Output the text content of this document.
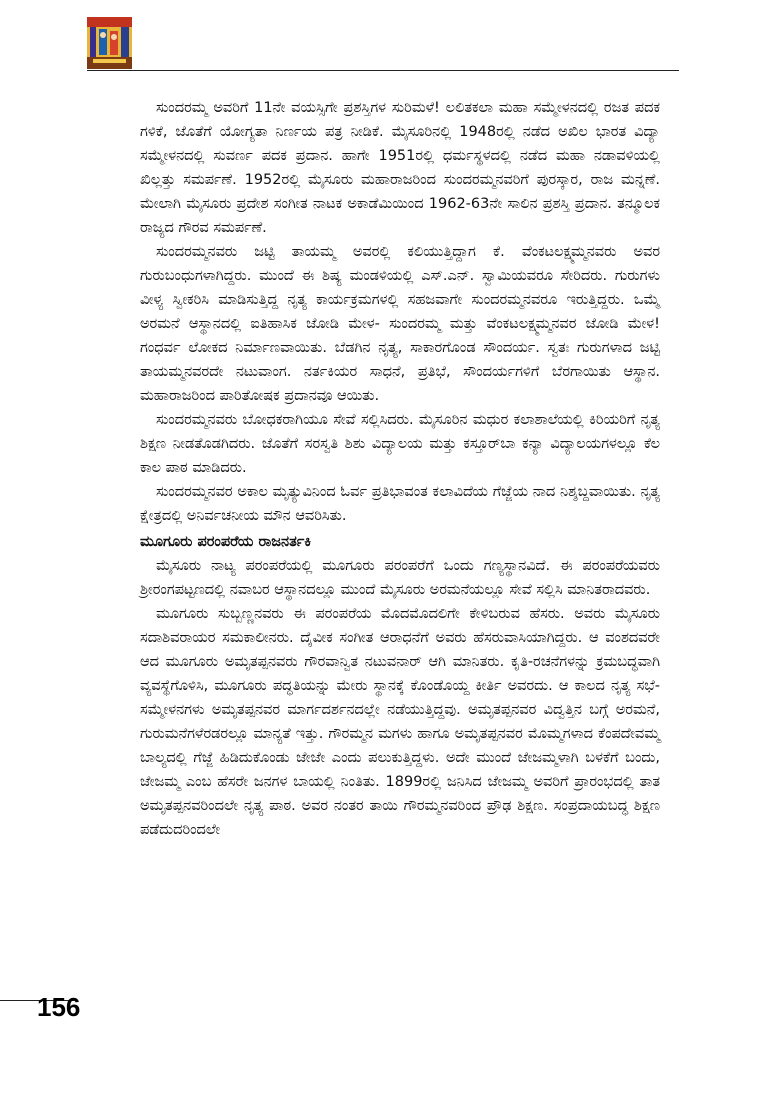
ಸುಂದರಮ್ಮ ಅವರಿಗೆ 11ನೇ ವಯಸ್ಸಿಗೇ ಪ್ರಶಸ್ತಿಗಳ ಸುರಿಮಳೆ! ಲಲಿತಕಲಾ ಮಹಾ ಸಮ್ಮೇಳನದಲ್ಲಿ ರಜತ ಪದಕ ಗಳಿಕೆ, ಜೊತೆಗೆ ಯೋಗ್ಯತಾ ನಿರ್ಣಯ ಪತ್ರ ನೀಡಿಕೆ. ಮೈಸೂರಿನಲ್ಲಿ 1948ರಲ್ಲಿ ನಡೆದ ಅಖಿಲ ಭಾರತ ವಿದ್ಯಾ ಸಮ್ಮೇಳನದಲ್ಲಿ ಸುವರ್ಣ ಪದಕ ಪ್ರದಾನ. ಹಾಗೇ 1951ರಲ್ಲಿ ಧರ್ಮಸ್ಥಳದಲ್ಲಿ ನಡೆದ ಮಹಾ ನಡಾವಳಿಯಲ್ಲಿ ಖಿಲ್ಲತ್ತು ಸಮರ್ಪಣೆ. 1952ರಲ್ಲಿ ಮೈಸೂರು ಮಹಾರಾಜರಿಂದ ಸುಂದರಮ್ಮನವರಿಗೆ ಪುರಸ್ಕಾರ, ರಾಜ ಮನ್ನಣೆ. ಮೇಲಾಗಿ ಮೈಸೂರು ಪ್ರದೇಶ ಸಂಗೀತ ನಾಟಕ ಅಕಾಡೆಮಿಯಿಂದ 1962-63ನೇ ಸಾಲಿನ ಪ್ರಶಸ್ತಿ ಪ್ರದಾನ. ತನ್ಮೂಲಕ ರಾಜ್ಯದ ಗೌರವ ಸಮರ್ಪಣೆ.

ಸುಂದರಮ್ಮನವರು ಜಟ್ಟಿ ತಾಯಮ್ಮ ಅವರಲ್ಲಿ ಕಲಿಯುತ್ತಿದ್ದಾಗ ಕೆ. ವೆಂಕಟಲಕ್ಷ್ಮಮ್ಮನವರು ಅವರ ಗುರುಬಂಧುಗಳಾಗಿದ್ದರು. ಮುಂದೆ ಈ ಶಿಷ್ಯ ಮಂಡಳಿಯಲ್ಲಿ ಎಸ್.ಎನ್. ಸ್ವಾಮಿಯವರೂ ಸೇರಿದರು. ಗುರುಗಳು ವೀಳ್ಯ ಸ್ವೀಕರಿಸಿ ಮಾಡಿಸುತ್ತಿದ್ದ ನೃತ್ಯ ಕಾರ್ಯಕ್ರಮಗಳಲ್ಲಿ ಸಹಜವಾಗೇ ಸುಂದರಮ್ಮನವರೂ ಇರುತ್ತಿದ್ದರು. ಒಮ್ಮೆ ಅರಮನೆ ಆಸ್ಥಾನದಲ್ಲಿ ಐತಿಹಾಸಿಕ ಜೋಡಿ ಮೇಳ- ಸುಂದರಮ್ಮ ಮತ್ತು ವೆಂಕಟಲಕ್ಷ್ಮಮ್ಮನವರ ಜೋಡಿ ಮೇಳ! ಗಂಧರ್ವ ಲೋಕದ ನಿರ್ಮಾಣವಾಯಿತು. ಬೆಡಗಿನ ನೃತ್ಯ, ಸಾಕಾರಗೊಂಡ ಸೌಂದರ್ಯ. ಸ್ವತಃ ಗುರುಗಳಾದ ಜಟ್ಟಿ ತಾಯಮ್ಮನವರದೇ ನಟುವಾಂಗ. ನರ್ತಕಿಯರ ಸಾಧನೆ, ಪ್ರತಿಭೆ, ಸೌಂದರ್ಯಗಳಿಗೆ ಬೆರಗಾಯಿತು ಆಸ್ಥಾನ. ಮಹಾರಾಜರಿಂದ ಪಾರಿತೋಷಕ ಪ್ರದಾನವೂ ಆಯಿತು.

ಸುಂದರಮ್ಮನವರು ಬೋಧಕರಾಗಿಯೂ ಸೇವೆ ಸಲ್ಲಿಸಿದರು. ಮೈಸೂರಿನ ಮಧುರ ಕಲಾಶಾಲೆಯಲ್ಲಿ ಕಿರಿಯರಿಗೆ ನೃತ್ಯ ಶಿಕ್ಷಣ ನೀಡತೊಡಗಿದರು. ಜೊತೆಗೆ ಸರಸ್ವತಿ ಶಿಶು ವಿದ್ಯಾಲಯ ಮತ್ತು ಕಸ್ತೂರ್‌ಬಾ ಕನ್ಯಾ ವಿದ್ಯಾಲಯಗಳಲ್ಲೂ ಕೆಲ ಕಾಲ ಪಾಠ ಮಾಡಿದರು.

ಸುಂದರಮ್ಮನವರ ಅಕಾಲ ಮೃತ್ಯುವಿನಿಂದ ಓರ್ವ ಪ್ರತಿಭಾವಂತ ಕಲಾವಿದೆಯ ಗೆಜ್ಜೆಯ ನಾದ ನಿಶ್ಶಬ್ದವಾಯಿತು. ನೃತ್ಯ ಕ್ಷೇತ್ರದಲ್ಲಿ ಅನಿರ್ವಚನೀಯ ಮೌನ ಆವರಿಸಿತು.

ಮೂಗೂರು ಪರಂಪರೆಯ ರಾಜನರ್ತಕಿ

ಮೈಸೂರು ನಾಟ್ಯ ಪರಂಪರೆಯಲ್ಲಿ ಮೂಗೂರು ಪರಂಪರೆಗೆ ಒಂದು ಗಣ್ಯಸ್ಥಾನವಿದೆ. ಈ ಪರಂಪರೆಯವರು ಶ್ರೀರಂಗಪಟ್ಟಣದಲ್ಲಿ ನವಾಬರ ಆಸ್ಥಾನದಲ್ಲೂ ಮುಂದೆ ಮೈಸೂರು ಅರಮನೆಯಲ್ಲೂ ಸೇವೆ ಸಲ್ಲಿಸಿ ಮಾನಿತರಾದವರು.

ಮೂಗೂರು ಸುಬ್ಬಣ್ಣನವರು ಈ ಪರಂಪರೆಯ ಮೊದಮೊದಲಿಗೇ ಕೇಳಿಬರುವ ಹೆಸರು. ಅವರು ಮೈಸೂರು ಸದಾಶಿವರಾಯರ ಸಮಕಾಲೀನರು. ದೈವೀಕ ಸಂಗೀತ ಆರಾಧನೆಗೆ ಅವರು ಹೆಸರುವಾಸಿಯಾಗಿದ್ದರು. ಆ ವಂಶದವರೇ ಆದ ಮೂಗೂರು ಅಮೃತಪ್ಪನವರು ಗೌರವಾನ್ವಿತ ನಟುವನಾರ್ ಆಗಿ ಮಾನಿತರು. ಕೃತಿ-ರಚನೆಗಳನ್ನು ಕ್ರಮಬದ್ಧವಾಗಿ ವ್ಯವಸ್ಥೆಗೊಳಿಸಿ, ಮೂಗೂರು ಪದ್ಧತಿಯನ್ನು ಮೇರು ಸ್ಥಾನಕ್ಕೆ ಕೊಂಡೊಯ್ದ ಕೀರ್ತಿ ಅವರದು. ಆ ಕಾಲದ ನೃತ್ಯ ಸಭೆ-ಸಮ್ಮೇಳನಗಳು ಅಮೃತಪ್ಪನವರ ಮಾರ್ಗದರ್ಶನದಲ್ಲೇ ನಡೆಯುತ್ತಿದ್ದವು. ಅಮೃತಪ್ಪನವರ ವಿದ್ವತ್ತಿನ ಬಗ್ಗೆ ಅರಮನೆ, ಗುರುಮನೆಗಳೆರಡರಲ್ಲೂ ಮಾನ್ಯತೆ ಇತ್ತು. ಗೌರಮ್ಮನ ಮಗಳು ಹಾಗೂ ಅಮೃತಪ್ಪನವರ ಮೊಮ್ಮಗಳಾದ ಕೆಂಪದೇವಮ್ಮ ಬಾಲ್ಯದಲ್ಲಿ ಗೆಜ್ಜೆ ಹಿಡಿದುಕೊಂಡು ಜೇಜೇ ಎಂದು ಪಲುಕುತ್ತಿದ್ದಳು. ಅದೇ ಮುಂದೆ ಜೇಜಮ್ಮಳಾಗಿ ಬಳಕೆಗೆ ಬಂದು, ಜೇಜಮ್ಮ ಎಂಬ ಹೆಸರೇ ಜನಗಳ ಬಾಯಲ್ಲಿ ನಿಂತಿತು. 1899ರಲ್ಲಿ ಜನಿಸಿದ ಜೇಜಮ್ಮ ಅವರಿಗೆ ಪ್ರಾರಂಭದಲ್ಲಿ ತಾತ ಅಮೃತಪ್ಪನವರಿಂದಲೇ ನೃತ್ಯ ಪಾಠ. ಅವರ ನಂತರ ತಾಯಿ ಗೌರಮ್ಮನವರಿಂದ ಪ್ರೌಢ ಶಿಕ್ಷಣ. ಸಂಪ್ರದಾಯಬದ್ಧ ಶಿಕ್ಷಣ ಪಡೆದುದರಿಂದಲೇ

156
